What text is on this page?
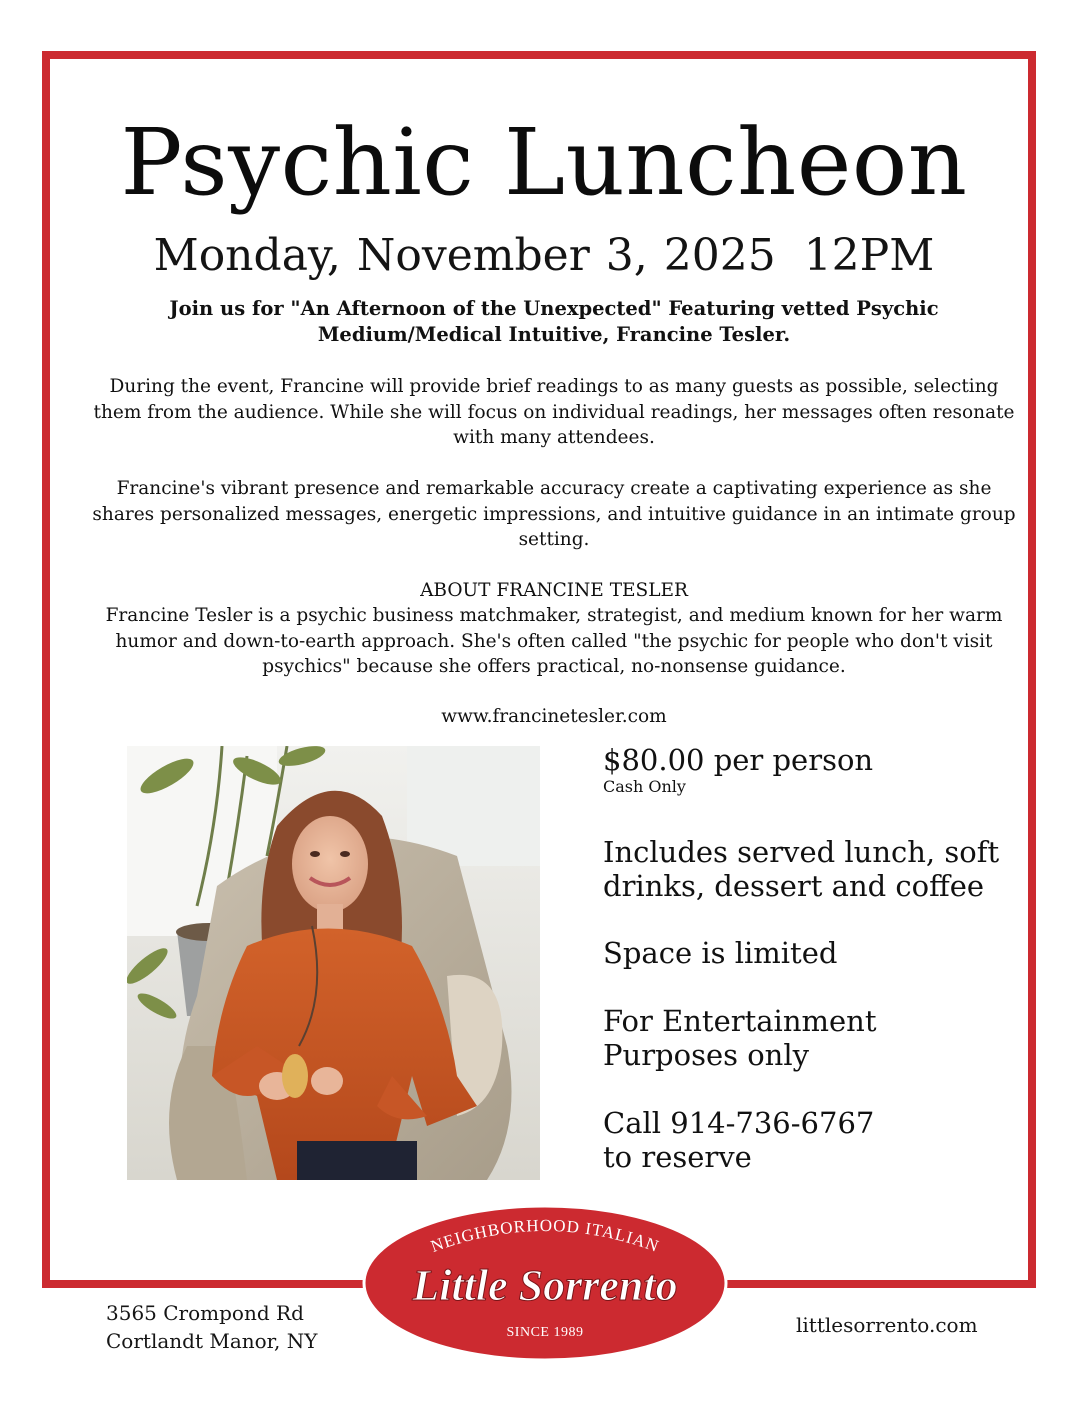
Psychic Luncheon
Monday, November 3, 2025 12PM
Join us for "An Afternoon of the Unexpected" Featuring vetted Psychic Medium/Medical Intuitive, Francine Tesler.
During the event, Francine will provide brief readings to as many guests as possible, selecting them from the audience. While she will focus on individual readings, her messages often resonate with many attendees.
Francine's vibrant presence and remarkable accuracy create a captivating experience as she shares personalized messages, energetic impressions, and intuitive guidance in an intimate group setting.
ABOUT FRANCINE TESLER
Francine Tesler is a psychic business matchmaker, strategist, and medium known for her warm humor and down-to-earth approach. She's often called "the psychic for people who don't visit psychics" because she offers practical, no-nonsense guidance.
www.francinetesler.com
$80.00 per person
Cash Only
Includes served lunch, soft
drinks, dessert and coffee
Space is limited
For Entertainment
Purposes only
Call 914-736-6767
to reserve
3565 Crompond Rd
Cortlandt Manor, NY
littlesorrento.com
NEIGHBORHOOD ITALIAN
Little Sorrento
SINCE 1989
